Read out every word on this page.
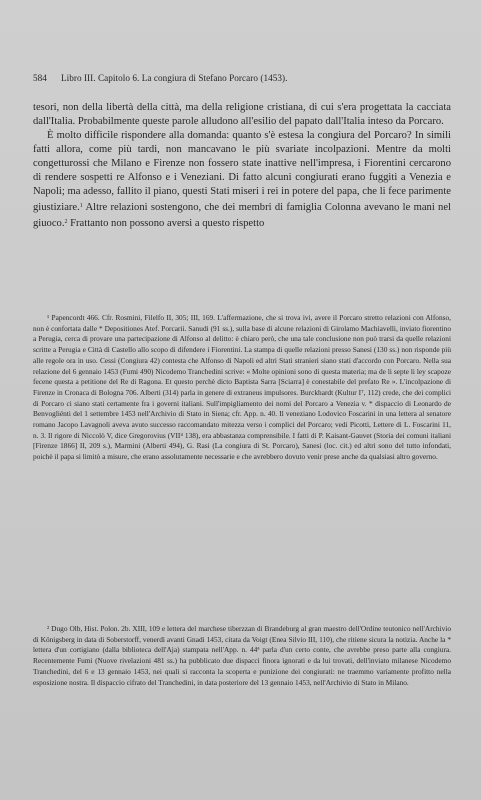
584 Libro III. Capitolo 6. La congiura di Stefano Porcaro (1453).

tesori, non della libertà della città, ma della religione cristiana, di cui s'era progettata la cacciata dall'Italia. Probabilmente queste parole alludono all'esilio del papato dall'Italia inteso da Porcaro.

È molto difficile rispondere alla domanda: quanto s'è estesa la congiura del Porcaro? In simili fatti allora, come più tardi, non mancavano le più svariate incolpazioni. Mentre da molti congetturossi che Milano e Firenze non fossero state inattive nell'impresa, i Fiorentini cercarono di rendere sospetti re Alfonso e i Veneziani. Di fatto alcuni congiurati erano fuggiti a Venezia e Napoli; ma adesso, fallito il piano, questi Stati miseri i rei in potere del papa, che li fece parimente giustiziare.$^1$ Altre relazioni sostengono, che dei membri di famiglia Colonna avevano le mani nel giuoco.$^2$ Frattanto non possono aversi a questo rispetto

¹ Papencordt 466. Cfr. Rosmini, Filelfo II, 305; III, 169. L'affermazione, che si trova ivi, avere il Porcaro stretto relazioni con Alfonso, non è confortata dalle * Depositiones Atef. Porcarii. Sanudi (91 ss.), sulla base di alcune relazioni di Girolamo Machiavelli, inviato fiorentino a Perugia, cerca di provare una partecipazione di Alfonso al delitto: è chiaro però, che una tale conclusione non può trarsi da quelle relazioni scritte a Perugia e Città di Castello allo scopo di difendere i Fiorentini. La stampa di quelle relazioni presso Sanesi (130 ss.) non risponde più alle regole ora in uso. Cessi (Congiura 42) contesta che Alfonso di Napoli ed altri Stati stranieri siano stati d'accordo con Porcaro. Nella sua relazione del 6 gennaio 1453 (Fumi 490) Nicodemo Tranchedini scrive: « Molte opinioni sono di questa materia; ma de li septe li ley scapoze fecene questa a petitione del Re di Ragona. Et questo perchè dicto Baptista Sarra [Sciarra] è conestabile del prefato Re ». L'incolpazione di Firenze in Cronaca di Bologna 706. Alberti (314) parla in genere di extraneus impulsores. Burckhardt (Kultur I⁷, 112) crede, che dei complici di Porcaro ci siano stati certamente fra i governi italiani. Sull'impigliamento dei nomi del Porcaro a Venezia v. * dispaccio di Leonardo de Benvogliénti del 1 settembre 1453 nell'Archivio di Stato in Siena; cfr. App. n. 40. Il veneziano Lodovico Foscarini in una lettera al senatore romano Jacopo Lavagnoli aveva avuto successo raccomandato mitezza verso i complici del Porcaro; vedi Picotti, Lettere di L. Foscarini 11, n. 3. Il rigore di Niccolò V, dice Gregorovius (VII⁴ 138), era abbastanza comprensibile. I fatti di P. Kaisant-Gauvet (Storia dei comuni italiani [Firenze 1866] II, 209 s.), Marmini (Alberti 494), G. Rasi (La congiura di St. Porcaro), Sanesi (loc. cit.) ed altri sono del tutto infondati, poichè il papa si limitò a misure, che erano assolutamente necessarie e che avrebbero dovuto venir prese anche da qualsiasi altro governo.

² Dugo Olb, Hist. Polon. 2b. XIII, 109 e lettera del marchese tiberzzan di Brandeburg al gran maestro dell'Ordine teutonico nell'Archivio di Königsberg in data di Soberstorff, venerdì avanti Gnadi 1453, citata da Voigt (Enea Silvio III, 110), che ritiene sicura la notizia. Anche la * lettera d'un cortigiano (dalla biblioteca dell'Aja) stampata nell'App. n. 44ª parla d'un certo conte, che avrebbe preso parte alla congiura. Recentemente Fumi (Nuove rivelazioni 481 ss.) ha pubblicato due dispacci finora ignorati e da lui trovati, dell'inviato milanese Nicodemo Tranchedini, del 6 e 13 gennaio 1453, nei quali si racconta la scoperta e punizione dei congiurati: ne traemmo variamente profitto nella esposizione nostra. Il dispaccio cifrato del Tranchedini, in data posteriore del 13 gennaio 1453, nell'Archivio di Stato in Milano.
